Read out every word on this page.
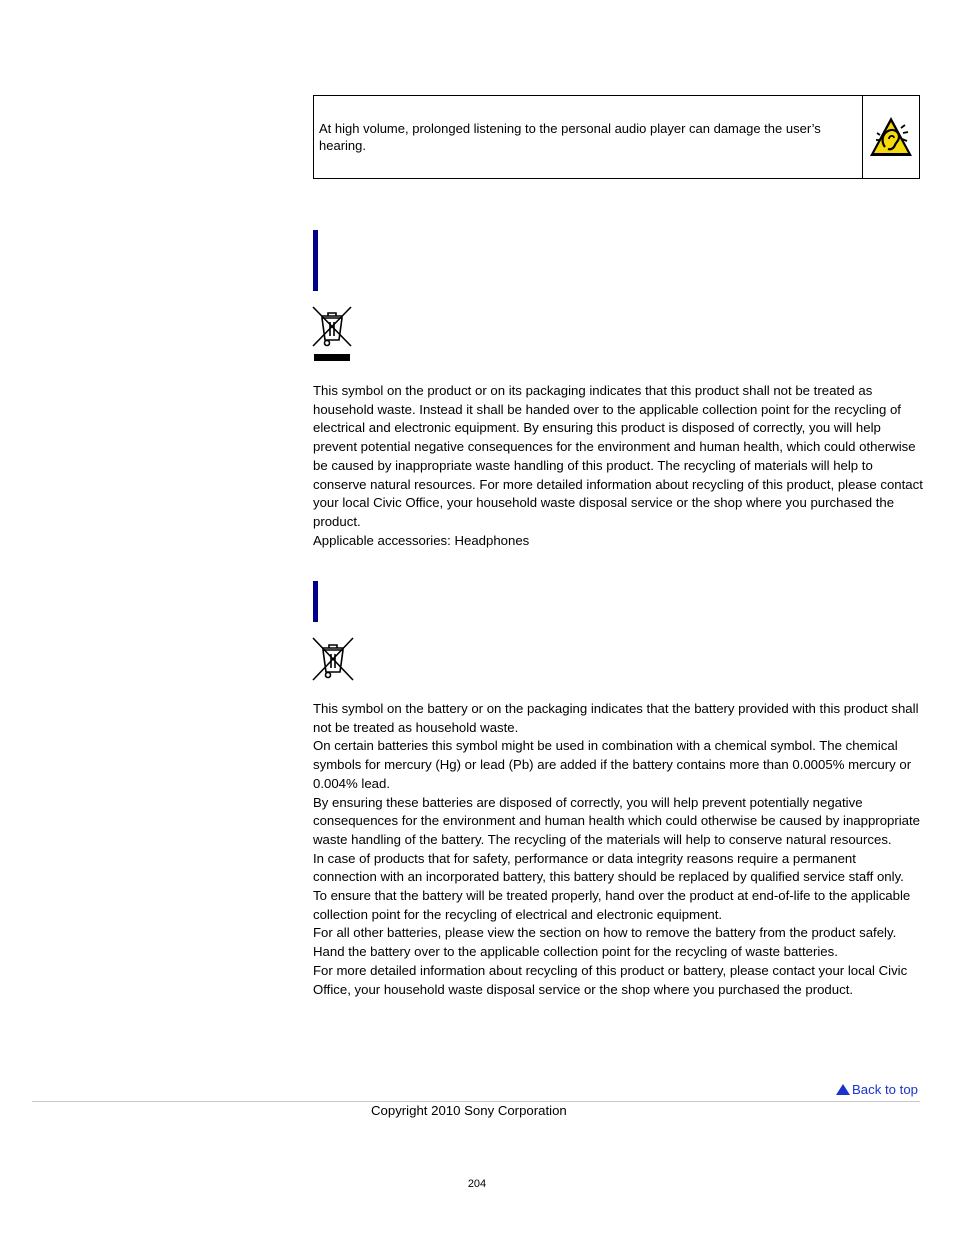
At high volume, prolonged listening to the personal audio player can damage the user’s hearing.

This symbol on the product or on its packaging indicates that this product shall not be treated as household waste. Instead it shall be handed over to the applicable collection point for the recycling of electrical and electronic equipment. By ensuring this product is disposed of correctly, you will help prevent potential negative consequences for the environment and human health, which could otherwise be caused by inappropriate waste handling of this product. The recycling of materials will help to conserve natural resources. For more detailed information about recycling of this product, please contact your local Civic Office, your household waste disposal service or the shop where you purchased the product.

Applicable accessories: Headphones

This symbol on the battery or on the packaging indicates that the battery provided with this product shall not be treated as household waste.

On certain batteries this symbol might be used in combination with a chemical symbol. The chemical symbols for mercury (Hg) or lead (Pb) are added if the battery contains more than 0.0005% mercury or 0.004% lead.

By ensuring these batteries are disposed of correctly, you will help prevent potentially negative consequences for the environment and human health which could otherwise be caused by inappropriate waste handling of the battery. The recycling of the materials will help to conserve natural resources.

In case of products that for safety, performance or data integrity reasons require a permanent connection with an incorporated battery, this battery should be replaced by qualified service staff only.

To ensure that the battery will be treated properly, hand over the product at end-of-life to the applicable collection point for the recycling of electrical and electronic equipment.

For all other batteries, please view the section on how to remove the battery from the product safely. Hand the battery over to the applicable collection point for the recycling of waste batteries.

For more detailed information about recycling of this product or battery, please contact your local Civic Office, your household waste disposal service or the shop where you purchased the product.

Back to top
Copyright 2010 Sony Corporation
204
